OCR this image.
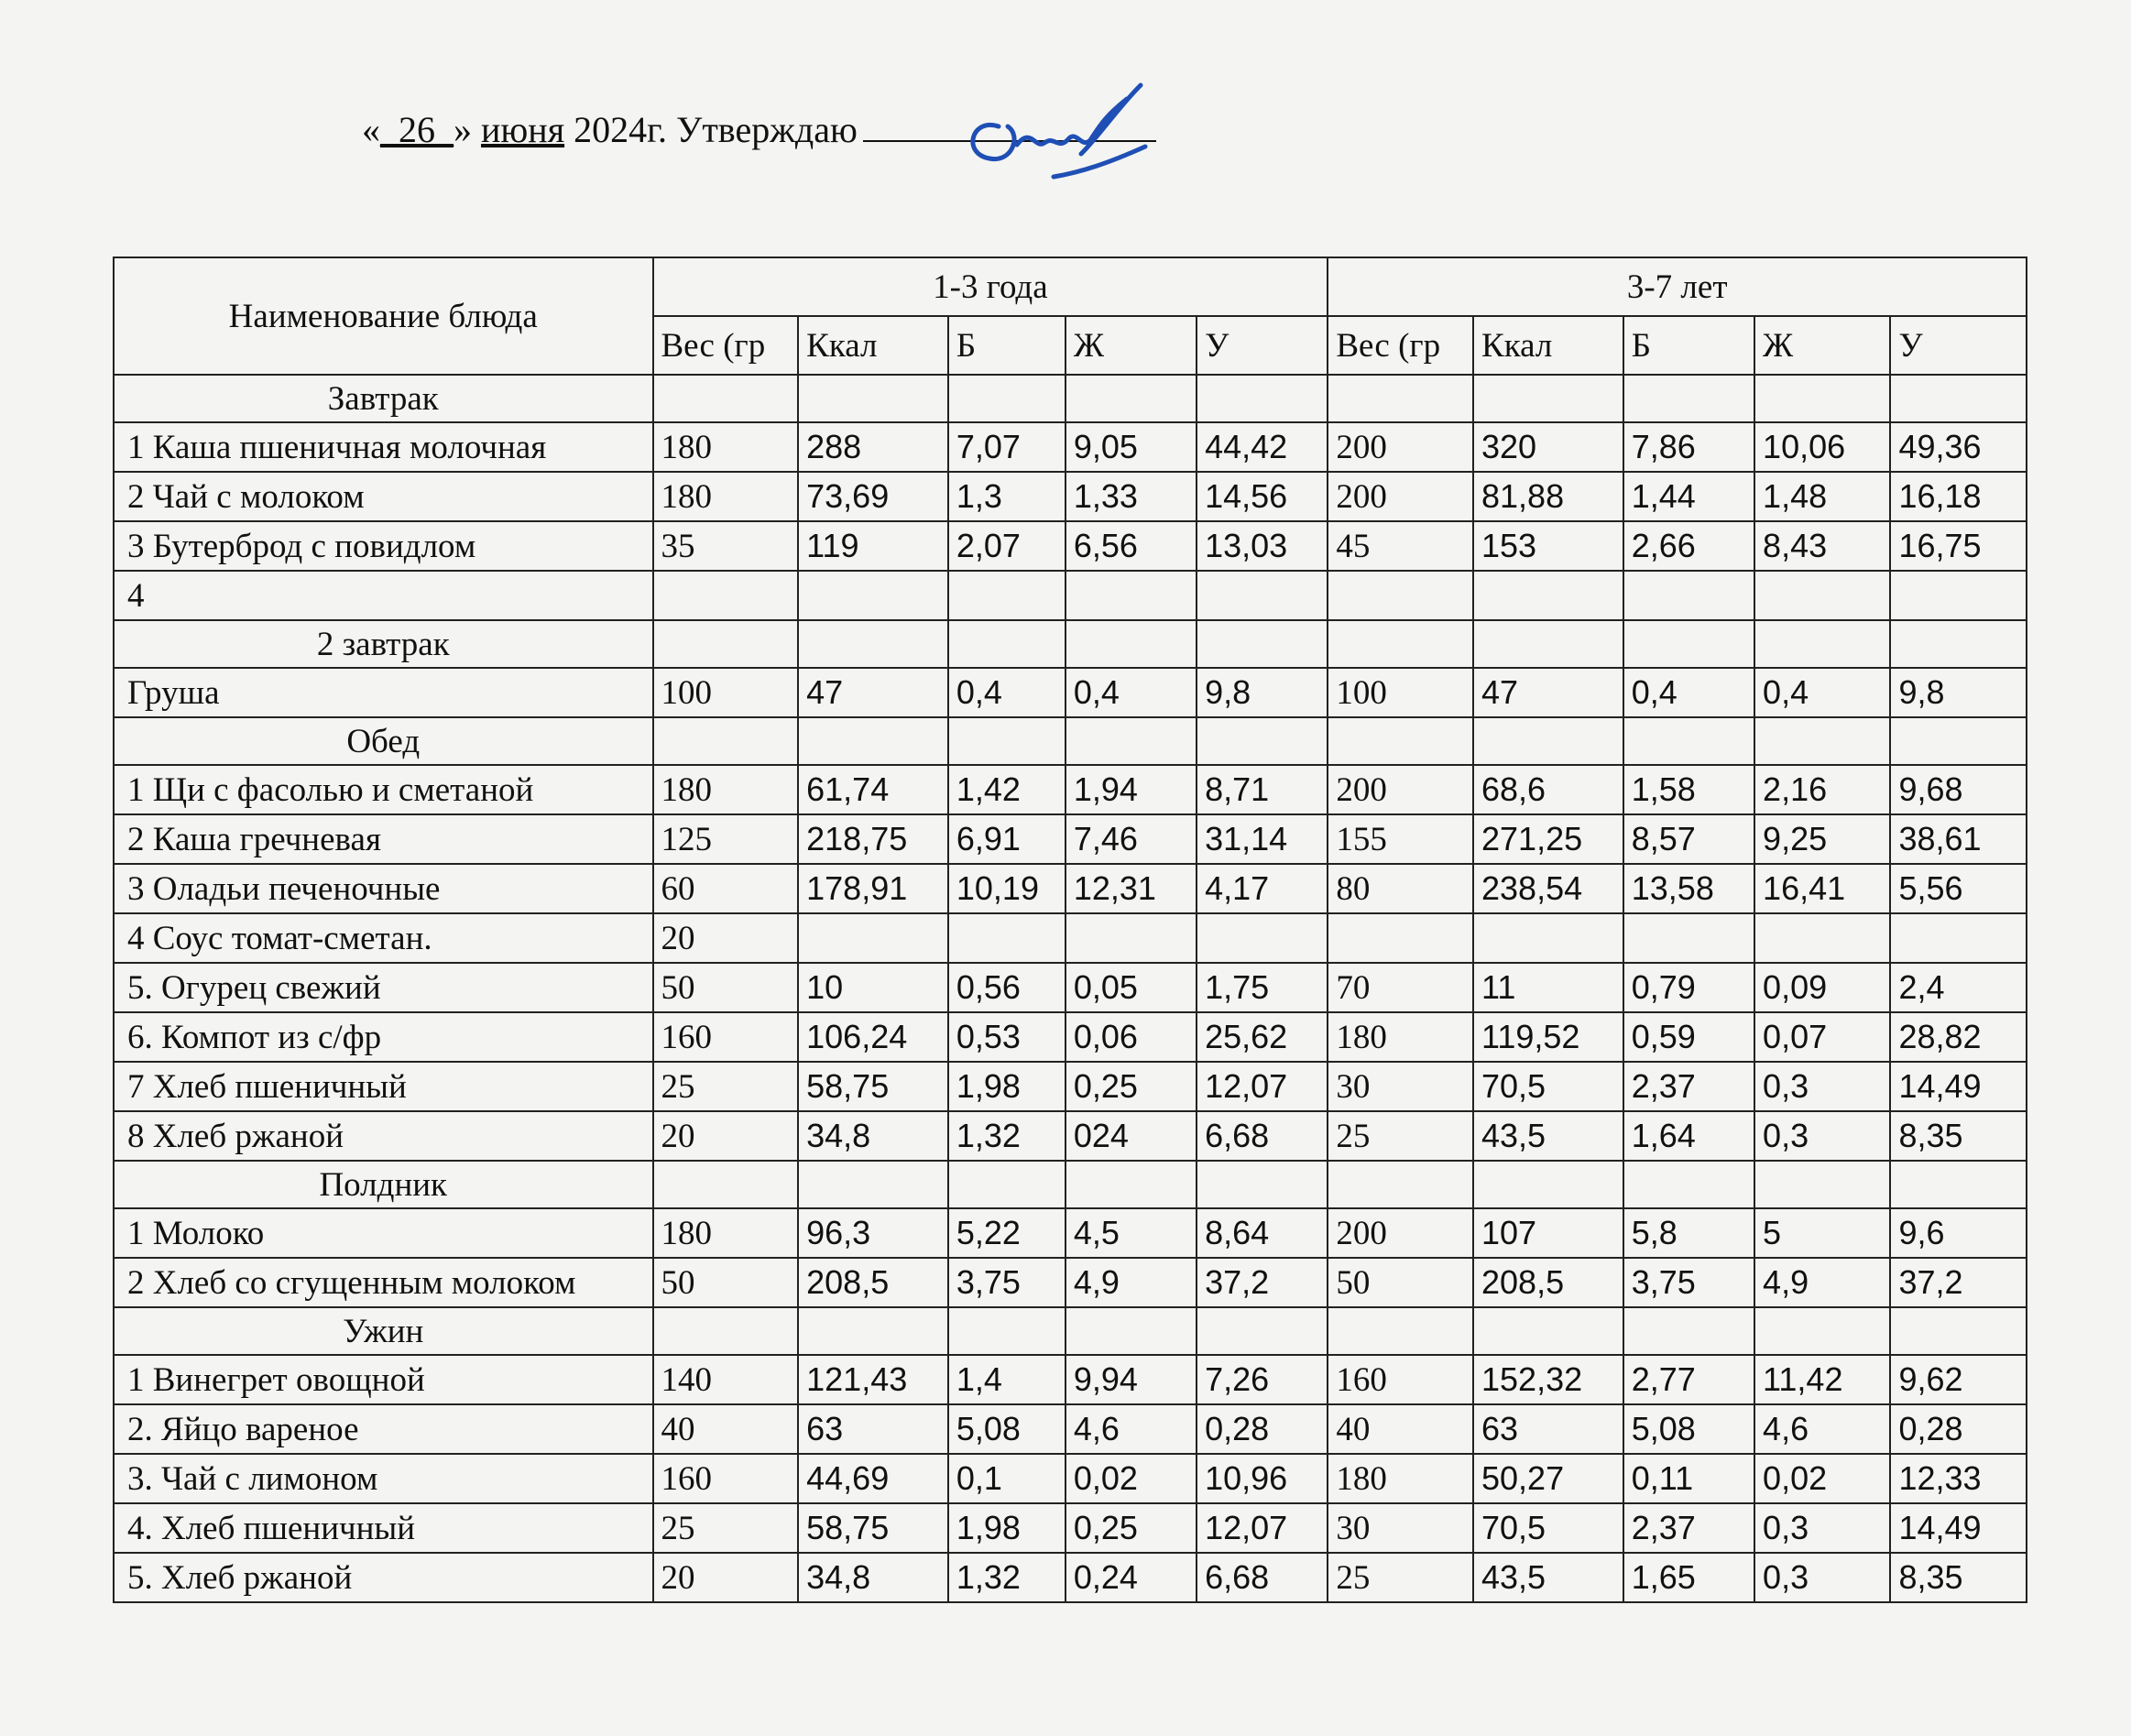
«_26_» июня 2024г. Утверждаю
Наименование блюда	1-3 года					3-7 лет				
	Вес (гр	Ккал	Б	Ж	У	Вес (гр	Ккал	Б	Ж	У
Завтрак										
1 Каша пшеничная молочная	180	288	7,07	9,05	44,42	200	320	7,86	10,06	49,36
2 Чай с молоком	180	73,69	1,3	1,33	14,56	200	81,88	1,44	1,48	16,18
3 Бутерброд с повидлом	35	119	2,07	6,56	13,03	45	153	2,66	8,43	16,75
4										
2 завтрак										
Груша	100	47	0,4	0,4	9,8	100	47	0,4	0,4	9,8
Обед										
1 Щи с фасолью и сметаной	180	61,74	1,42	1,94	8,71	200	68,6	1,58	2,16	9,68
2 Каша гречневая	125	218,75	6,91	7,46	31,14	155	271,25	8,57	9,25	38,61
3 Оладьи печеночные	60	178,91	10,19	12,31	4,17	80	238,54	13,58	16,41	5,56
4 Соус томат-сметан.	20									
5. Огурец свежий	50	10	0,56	0,05	1,75	70	11	0,79	0,09	2,4
6. Компот из с/фр	160	106,24	0,53	0,06	25,62	180	119,52	0,59	0,07	28,82
7 Хлеб пшеничный	25	58,75	1,98	0,25	12,07	30	70,5	2,37	0,3	14,49
8 Хлеб ржаной	20	34,8	1,32	024	6,68	25	43,5	1,64	0,3	8,35
Полдник										
1 Молоко	180	96,3	5,22	4,5	8,64	200	107	5,8	5	9,6
2 Хлеб со сгущенным молоком	50	208,5	3,75	4,9	37,2	50	208,5	3,75	4,9	37,2
Ужин										
1 Винегрет овощной	140	121,43	1,4	9,94	7,26	160	152,32	2,77	11,42	9,62
2. Яйцо вареное	40	63	5,08	4,6	0,28	40	63	5,08	4,6	0,28
3. Чай с лимоном	160	44,69	0,1	0,02	10,96	180	50,27	0,11	0,02	12,33
4. Хлеб пшеничный	25	58,75	1,98	0,25	12,07	30	70,5	2,37	0,3	14,49
5. Хлеб ржаной	20	34,8	1,32	0,24	6,68	25	43,5	1,65	0,3	8,35
